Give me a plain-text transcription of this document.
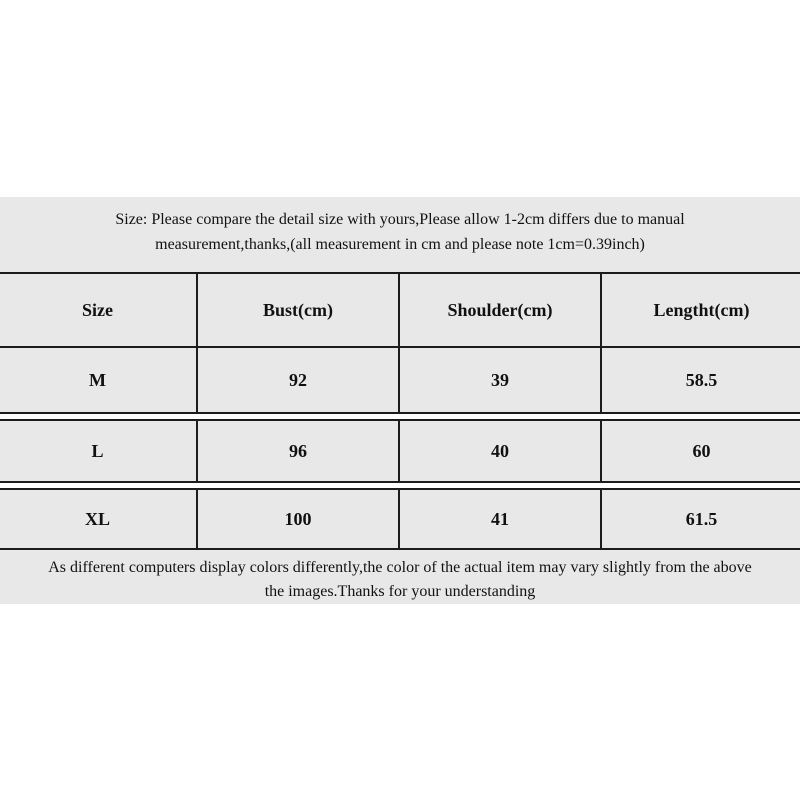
Size: Please compare the detail size with yours,Please allow 1-2cm differs due to manual
measurement,thanks,(all measurement in cm and please note 1cm=0.39inch)
Size	Bust(cm)	Shoulder(cm)	Lengtht(cm)
M	92	39	58.5
L	96	40	60
XL	100	41	61.5
As different computers display colors differently,the color of the actual item may vary slightly from the above
the images.Thanks for your understanding
